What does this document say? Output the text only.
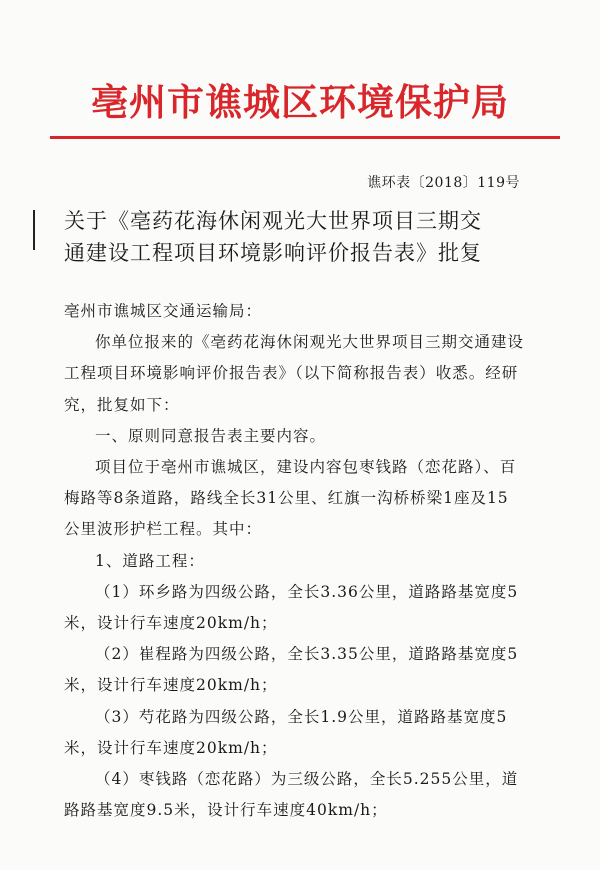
亳州市谯城区环境保护局
谯环表〔2018〕119号
关于《亳药花海休闲观光大世界项目三期交
通建设工程项目环境影响评价报告表》批复

亳州市谯城区交通运输局：

你单位报来的《亳药花海休闲观光大世界项目三期交通建设工程项目环境影响评价报告表》（以下简称报告表）收悉。经研究，批复如下：

一、原则同意报告表主要内容。

项目位于亳州市谯城区，建设内容包枣钱路（恋花路）、百梅路等8条道路，路线全长31公里、红旗一沟桥桥梁1座及15公里波形护栏工程。其中：

1、道路工程：

（1）环乡路为四级公路，全长3.36公里，道路路基宽度5米，设计行车速度20km/h；

（2）崔程路为四级公路，全长3.35公里，道路路基宽度5米，设计行车速度20km/h；

（3）芍花路为四级公路，全长1.9公里，道路路基宽度5米，设计行车速度20km/h；

（4）枣钱路（恋花路）为三级公路，全长5.255公里，道路路基宽度9.5米，设计行车速度40km/h；
